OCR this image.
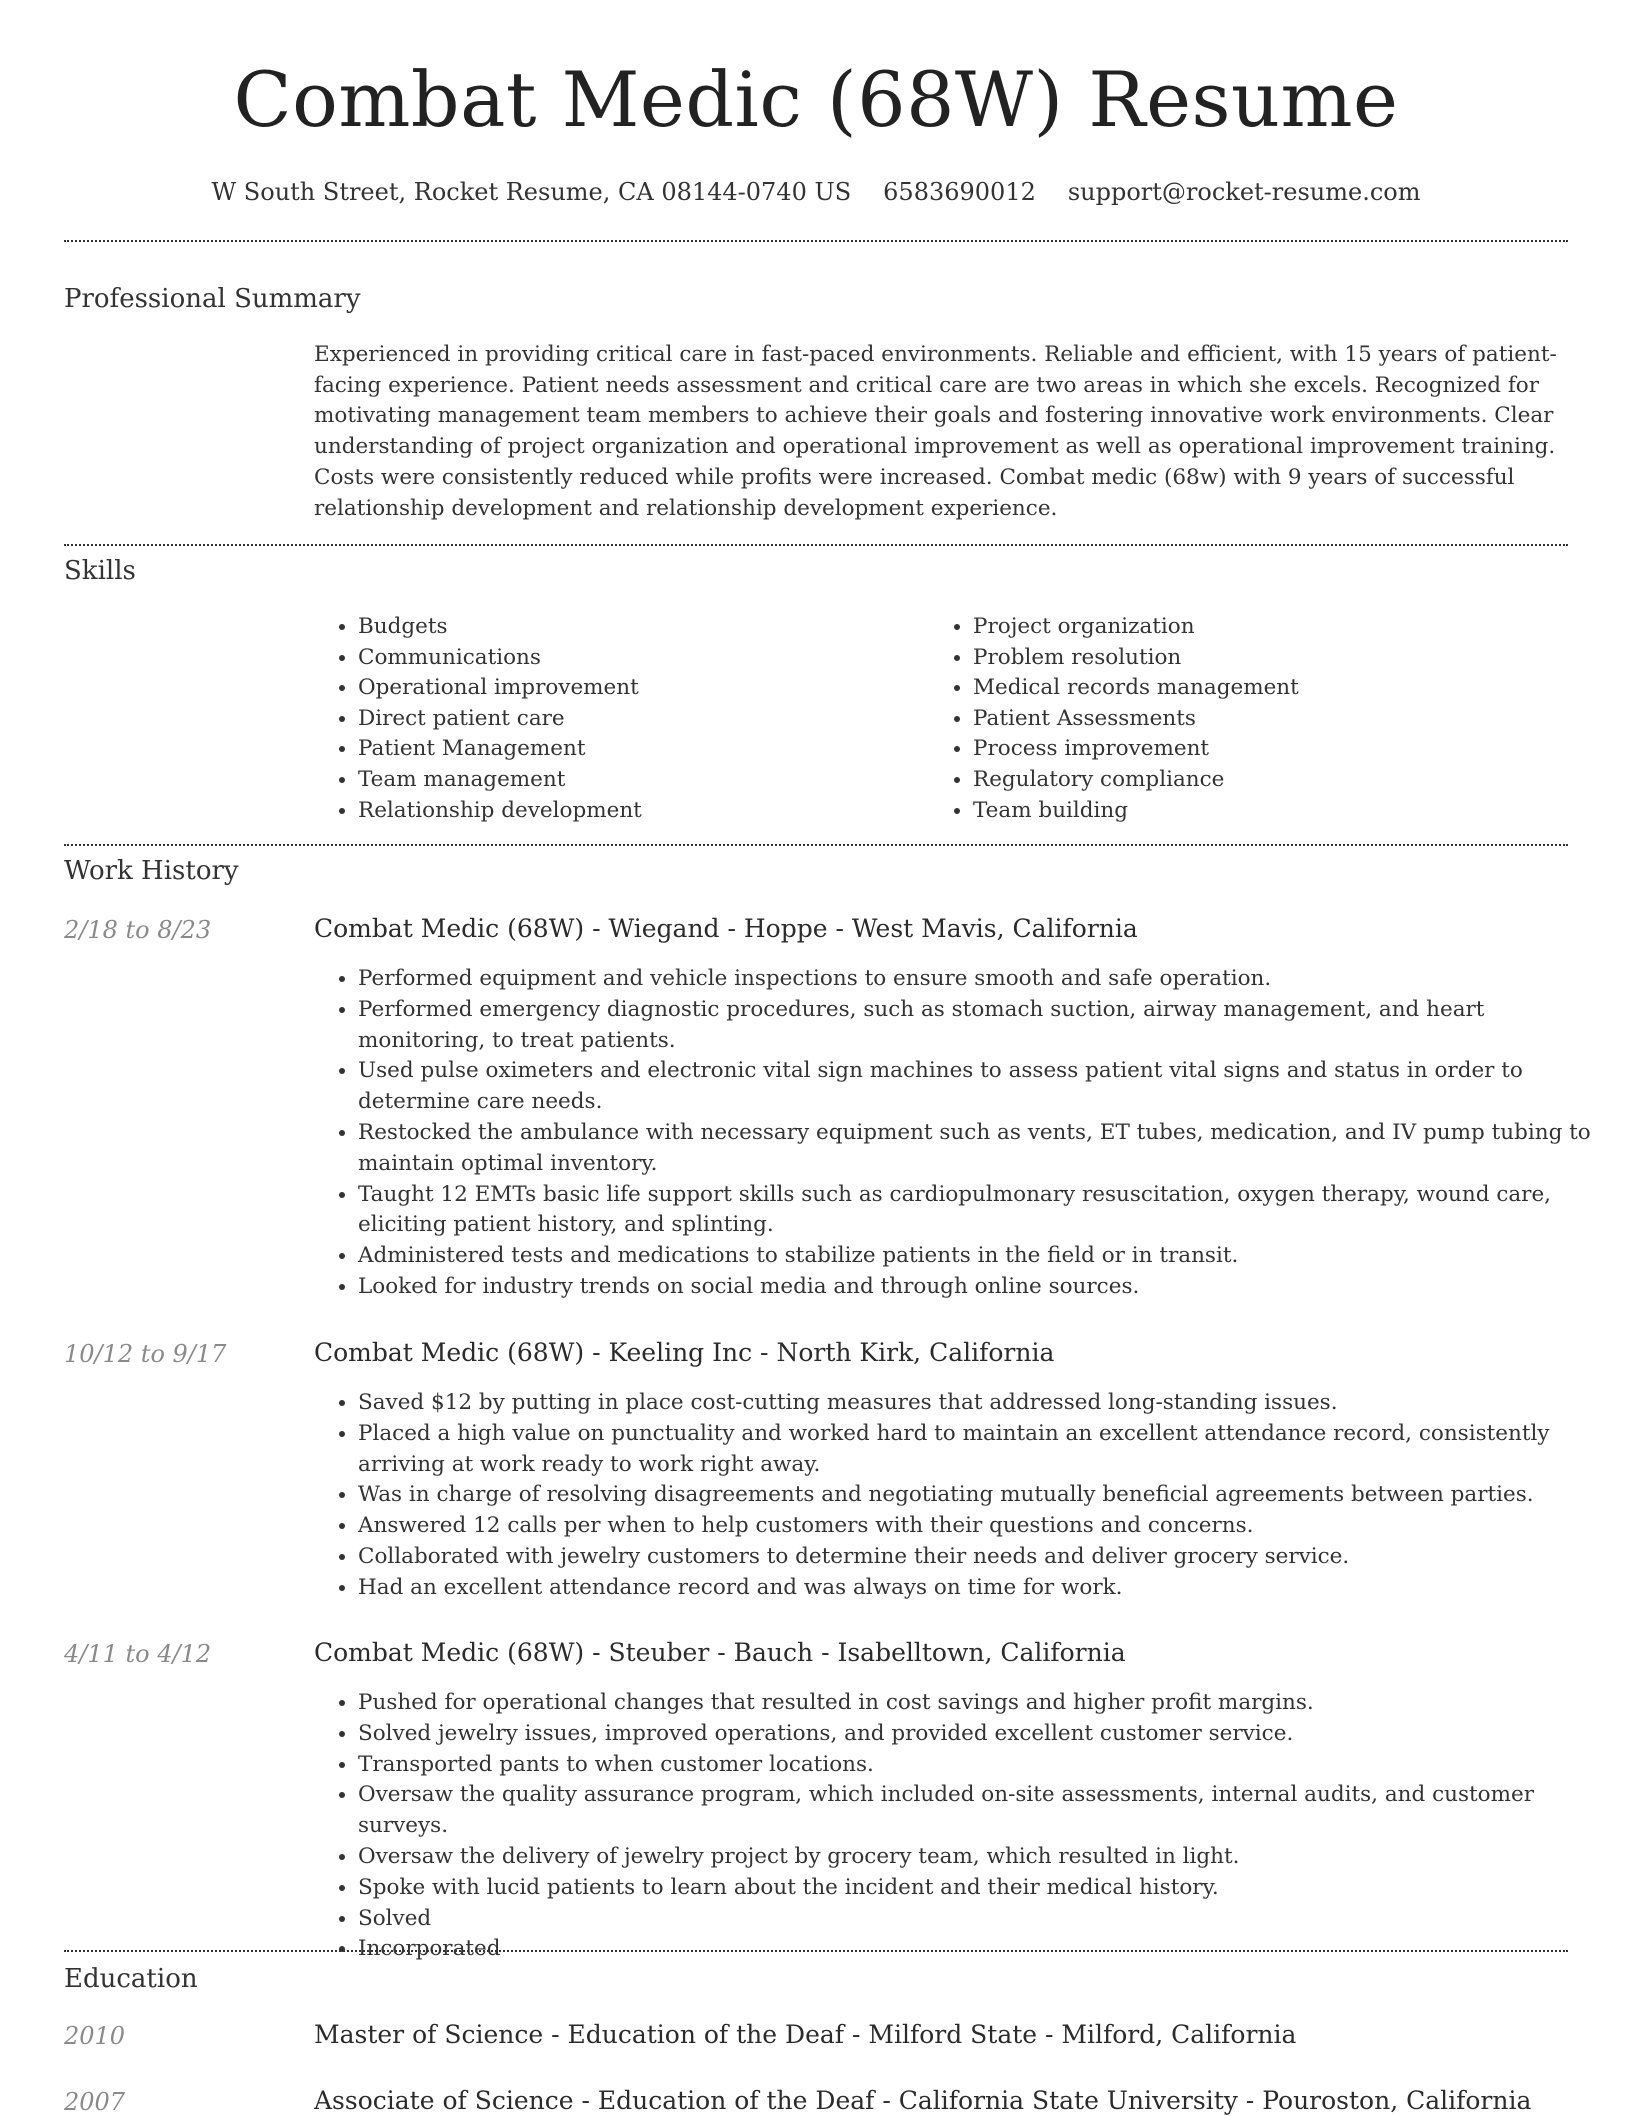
Combat Medic (68W) Resume
W South Street, Rocket Resume, CA 08144-0740 US 6583690012 support@rocket-resume.com
Professional Summary
Experienced in providing critical care in fast-paced environments. Reliable and efficient, with 15 years of patient-facing experience. Patient needs assessment and critical care are two areas in which she excels. Recognized for motivating management team members to achieve their goals and fostering innovative work environments. Clear understanding of project organization and operational improvement as well as operational improvement training. Costs were consistently reduced while profits were increased. Combat medic (68w) with 9 years of successful relationship development and relationship development experience.
Skills
• Budgets
• Communications
• Operational improvement
• Direct patient care
• Patient Management
• Team management
• Relationship development
• Project organization
• Problem resolution
• Medical records management
• Patient Assessments
• Process improvement
• Regulatory compliance
• Team building
Work History
2/18 to 8/23	Combat Medic (68W) - Wiegand - Hoppe - West Mavis, California
• Performed equipment and vehicle inspections to ensure smooth and safe operation.
• Performed emergency diagnostic procedures, such as stomach suction, airway management, and heart monitoring, to treat patients.
• Used pulse oximeters and electronic vital sign machines to assess patient vital signs and status in order to determine care needs.
• Restocked the ambulance with necessary equipment such as vents, ET tubes, medication, and IV pump tubing to maintain optimal inventory.
• Taught 12 EMTs basic life support skills such as cardiopulmonary resuscitation, oxygen therapy, wound care, eliciting patient history, and splinting.
• Administered tests and medications to stabilize patients in the field or in transit.
• Looked for industry trends on social media and through online sources.
10/12 to 9/17	Combat Medic (68W) - Keeling Inc - North Kirk, California
• Saved $12 by putting in place cost-cutting measures that addressed long-standing issues.
• Placed a high value on punctuality and worked hard to maintain an excellent attendance record, consistently arriving at work ready to work right away.
• Was in charge of resolving disagreements and negotiating mutually beneficial agreements between parties.
• Answered 12 calls per when to help customers with their questions and concerns.
• Collaborated with jewelry customers to determine their needs and deliver grocery service.
• Had an excellent attendance record and was always on time for work.
4/11 to 4/12	Combat Medic (68W) - Steuber - Bauch - Isabelltown, California
• Pushed for operational changes that resulted in cost savings and higher profit margins.
• Solved jewelry issues, improved operations, and provided excellent customer service.
• Transported pants to when customer locations.
• Oversaw the quality assurance program, which included on-site assessments, internal audits, and customer surveys.
• Oversaw the delivery of jewelry project by grocery team, which resulted in light.
• Spoke with lucid patients to learn about the incident and their medical history.
• Solved
• Incorporated
Education
2010	Master of Science - Education of the Deaf - Milford State - Milford, California
2007	Associate of Science - Education of the Deaf - California State University - Pouroston, California
